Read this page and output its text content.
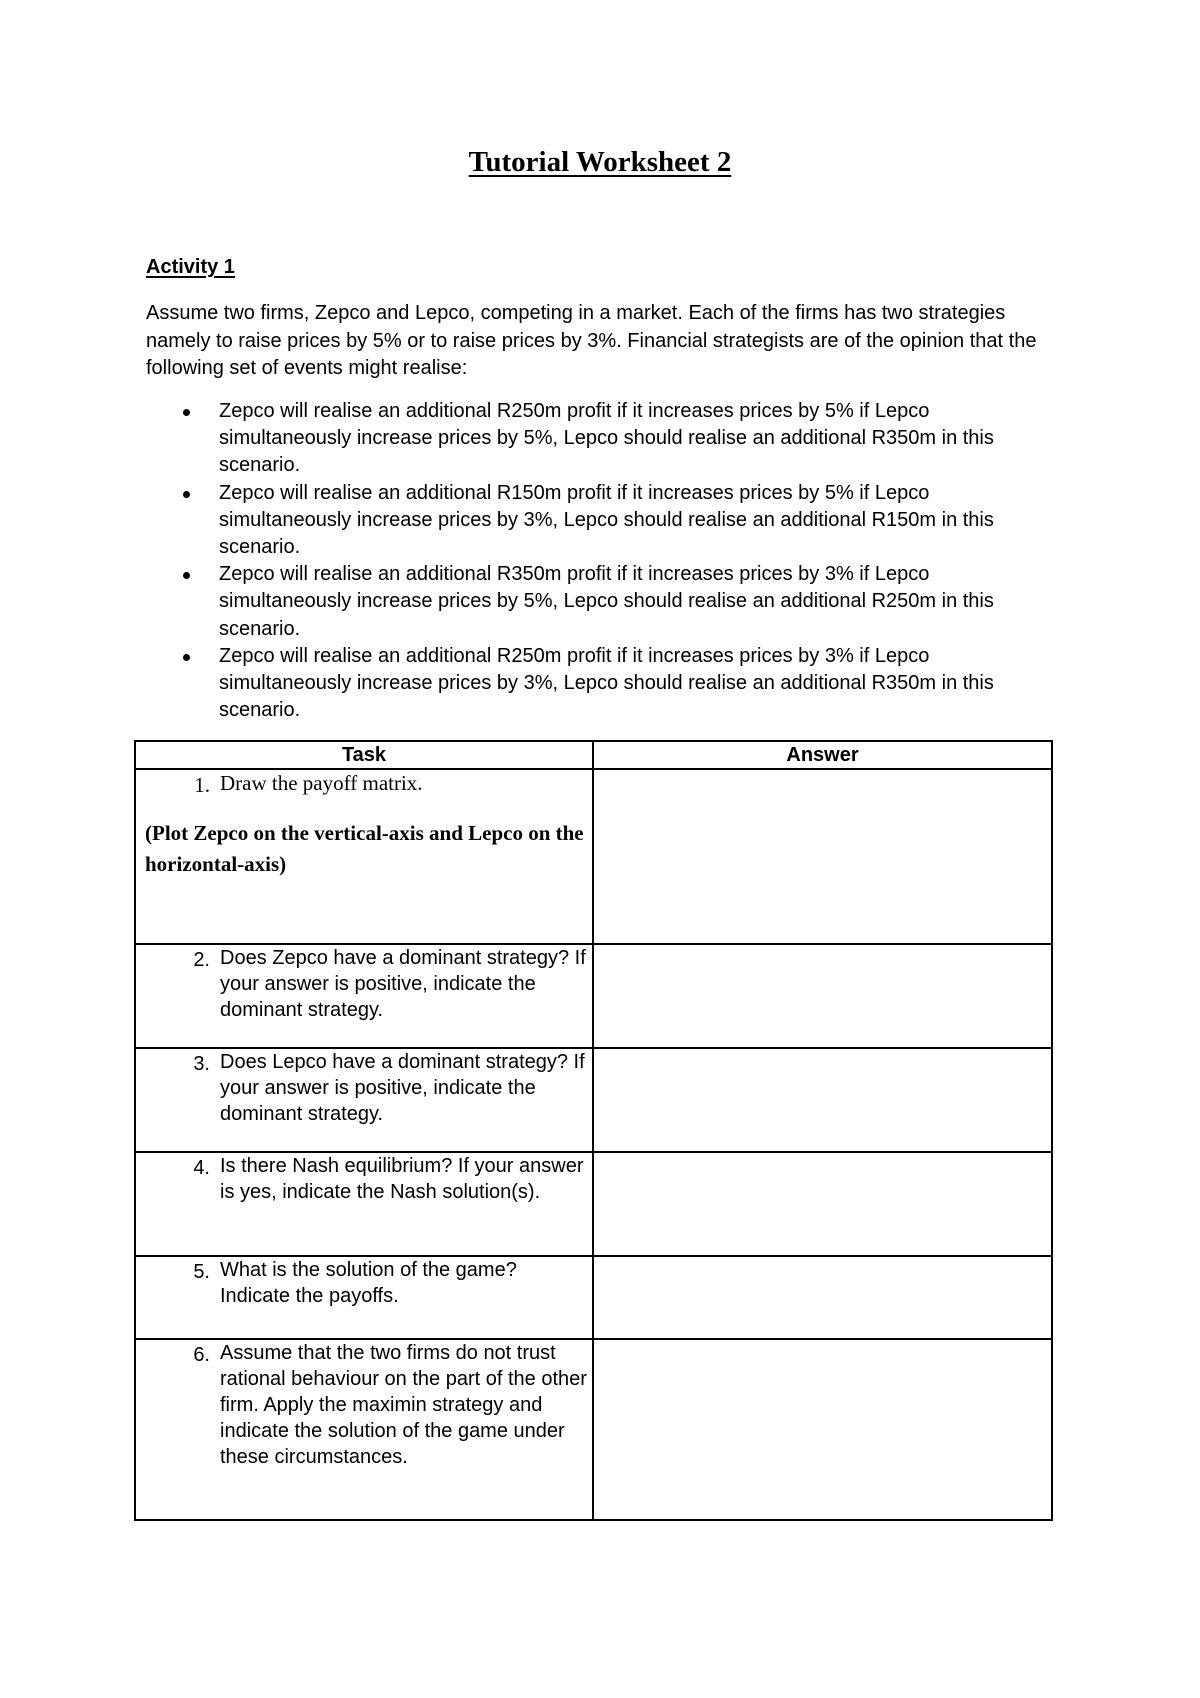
Tutorial Worksheet 2
Activity 1

Assume two firms, Zepco and Lepco, competing in a market. Each of the firms has two strategies namely to raise prices by 5% or to raise prices by 3%. Financial strategists are of the opinion that the following set of events might realise:

Zepco will realise an additional R250m profit if it increases prices by 5% if Lepco simultaneously increase prices by 5%, Lepco should realise an additional R350m in this scenario.
Zepco will realise an additional R150m profit if it increases prices by 5% if Lepco simultaneously increase prices by 3%, Lepco should realise an additional R150m in this scenario.
Zepco will realise an additional R350m profit if it increases prices by 3% if Lepco simultaneously increase prices by 5%, Lepco should realise an additional R250m in this scenario.
Zepco will realise an additional R250m profit if it increases prices by 3% if Lepco simultaneously increase prices by 3%, Lepco should realise an additional R350m in this scenario.
Task	Answer

1. Draw the payoff matrix.
(Plot Zepco on the vertical-axis and Lepco on the horizontal-axis)	

2. Does Zepco have a dominant strategy? If your answer is positive, indicate the dominant strategy.	

3. Does Lepco have a dominant strategy? If your answer is positive, indicate the dominant strategy.	

4. Is there Nash equilibrium? If your answer is yes, indicate the Nash solution(s).	

5. What is the solution of the game? Indicate the payoffs.	

6. Assume that the two firms do not trust rational behaviour on the part of the other firm. Apply the maximin strategy and indicate the solution of the game under these circumstances.	
